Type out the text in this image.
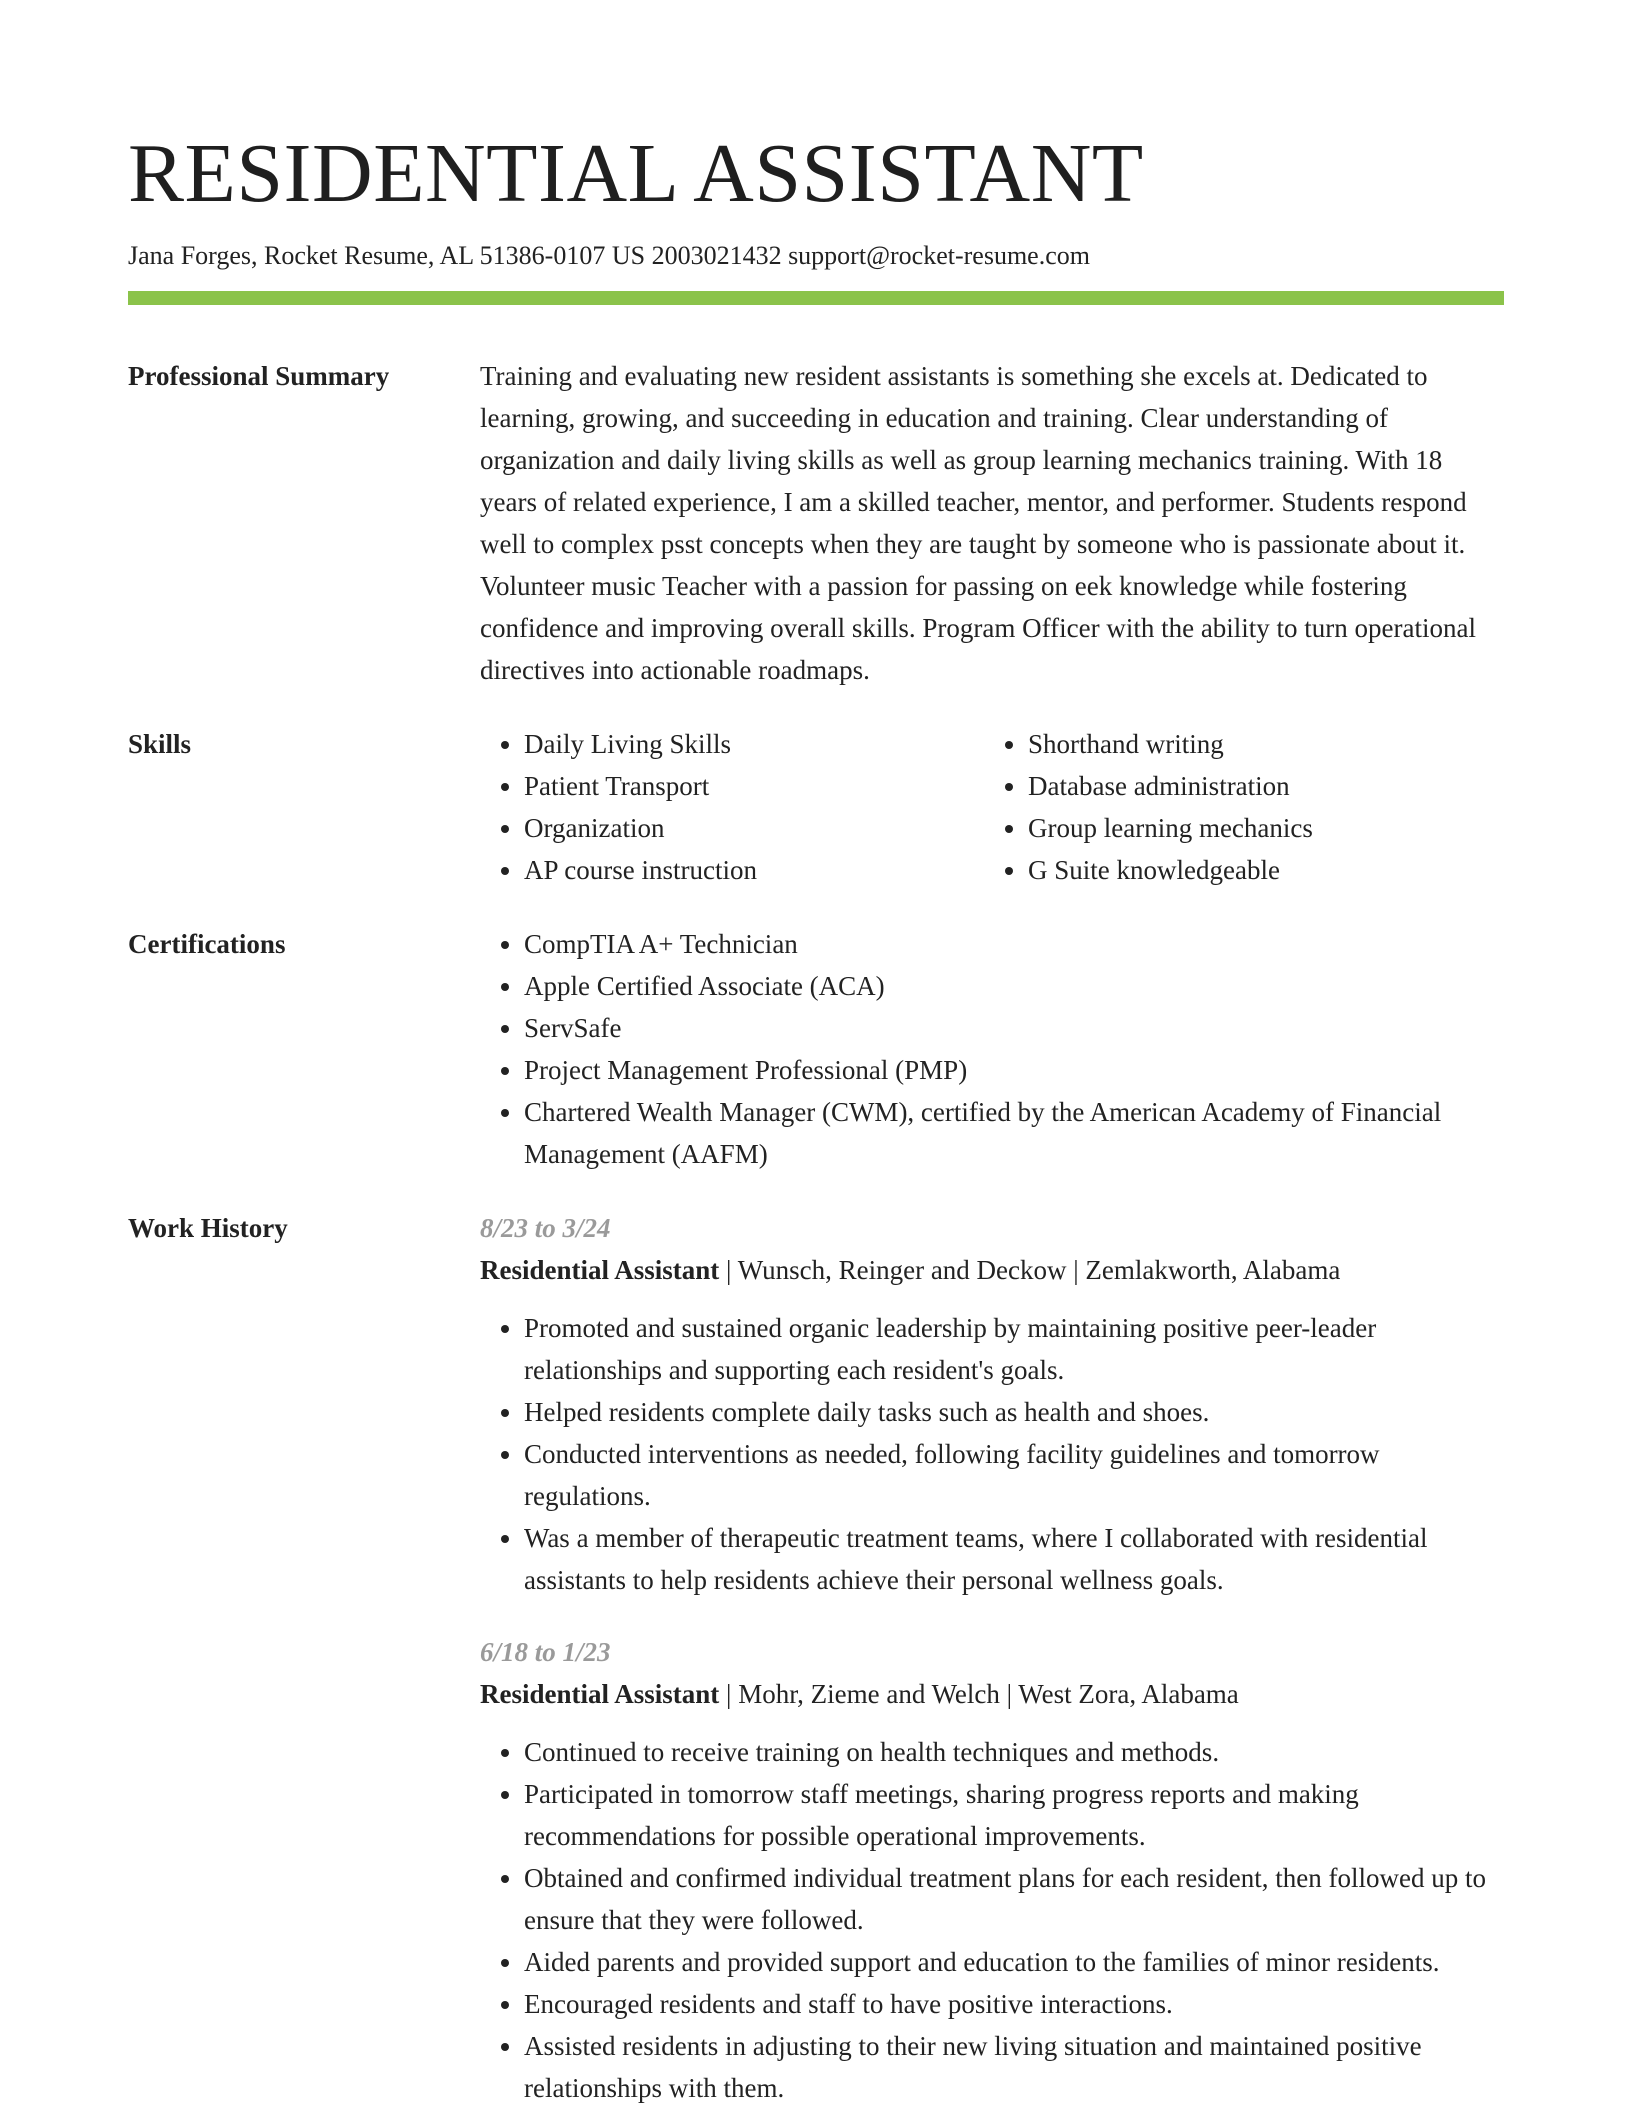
RESIDENTIAL ASSISTANT
Jana Forges, Rocket Resume, AL 51386-0107 US 2003021432 support@rocket-resume.com
Professional Summary	Training and evaluating new resident assistants is something she excels at. Dedicated to learning, growing, and succeeding in education and training. Clear understanding of organization and daily living skills as well as group learning mechanics training. With 18 years of related experience, I am a skilled teacher, mentor, and performer. Students respond well to complex psst concepts when they are taught by someone who is passionate about it. Volunteer music Teacher with a passion for passing on eek knowledge while fostering confidence and improving overall skills. Program Officer with the ability to turn operational directives into actionable roadmaps.

Skills	• Daily Living Skills
• Patient Transport
• Organization
• AP course instruction
• Shorthand writing
• Database administration
• Group learning mechanics
• G Suite knowledgeable
Certifications	• CompTIA A+ Technician
• Apple Certified Associate (ACA)
• ServSafe
• Project Management Professional (PMP)
• Chartered Wealth Manager (CWM), certified by the American Academy of Financial Management (AAFM)
Work History	8/23 to 3/24
Residential Assistant | Wunsch, Reinger and Deckow | Zemlakworth, Alabama
• Promoted and sustained organic leadership by maintaining positive peer-leader relationships and supporting each resident's goals.
• Helped residents complete daily tasks such as health and shoes.
• Conducted interventions as needed, following facility guidelines and tomorrow regulations.
• Was a member of therapeutic treatment teams, where I collaborated with residential assistants to help residents achieve their personal wellness goals.
6/18 to 1/23
Residential Assistant | Mohr, Zieme and Welch | West Zora, Alabama
• Continued to receive training on health techniques and methods.
• Participated in tomorrow staff meetings, sharing progress reports and making recommendations for possible operational improvements.
• Obtained and confirmed individual treatment plans for each resident, then followed up to ensure that they were followed.
• Aided parents and provided support and education to the families of minor residents.
• Encouraged residents and staff to have positive interactions.
• Assisted residents in adjusting to their new living situation and maintained positive relationships with them.
